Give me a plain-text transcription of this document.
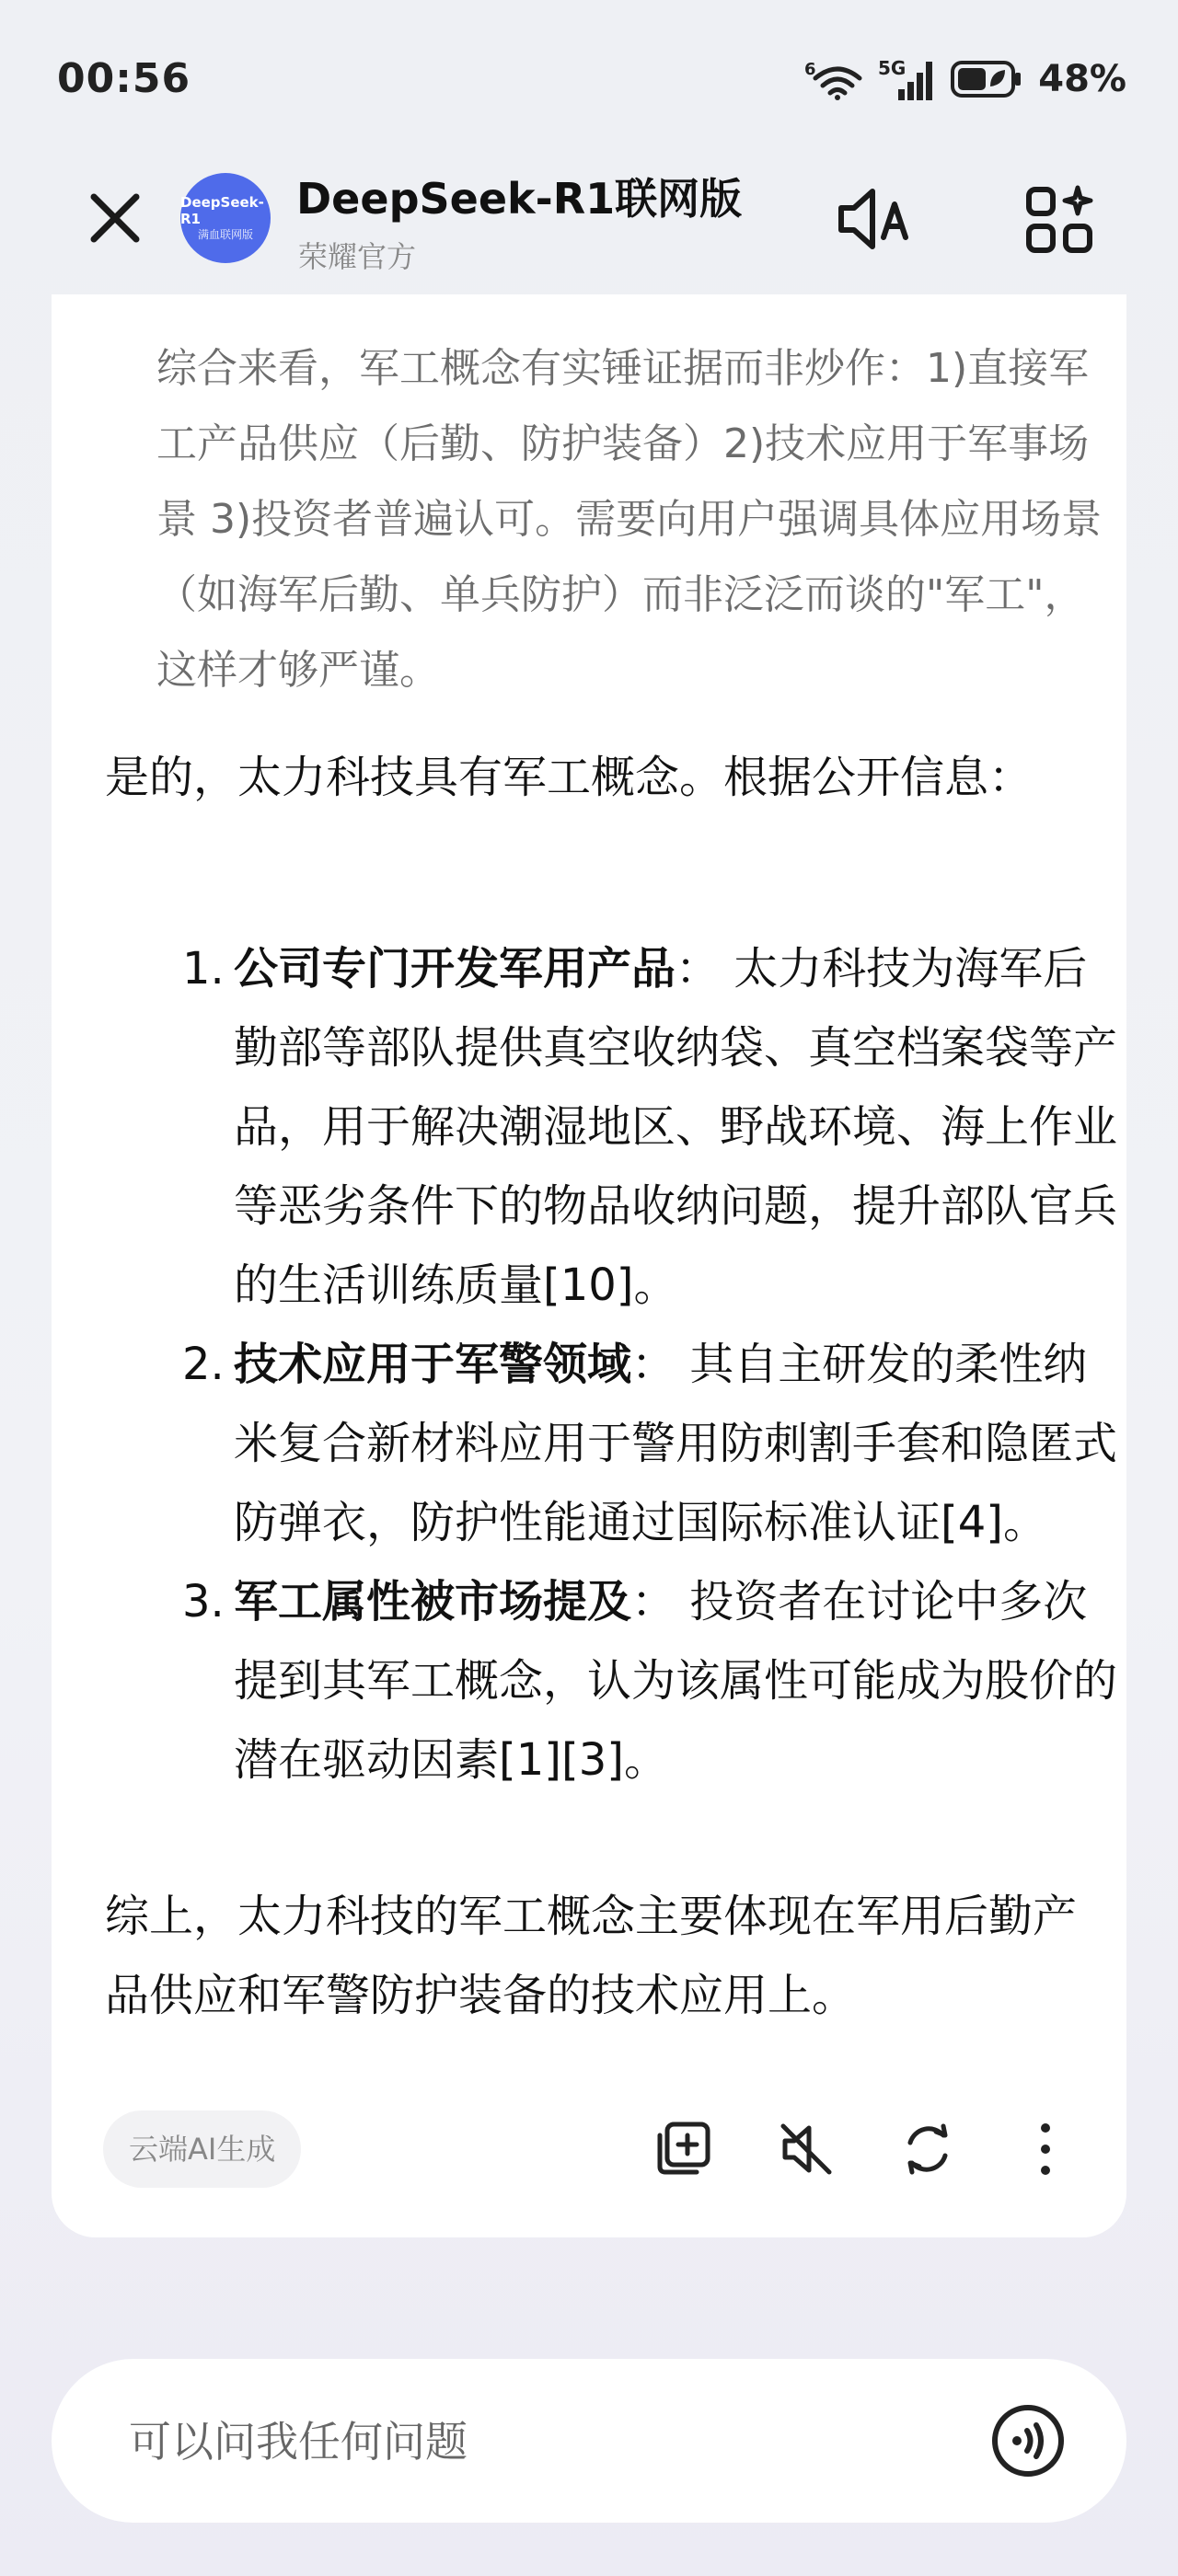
00:56	6	5G	48%
DeepSeek-R1
满血联网版
DeepSeek-R1联网版
荣耀官方
综合来看，军工概念有实锤证据而非炒作：1)直接军工产品供应（后勤、防护装备）2)技术应用于军事场景 3)投资者普遍认可。需要向用户强调具体应用场景（如海军后勤、单兵防护）而非泛泛而谈的"军工"，这样才够严谨。

是的，太力科技具有军工概念。根据公开信息：

1. 公司专门开发军用产品： 太力科技为海军后勤部等部队提供真空收纳袋、真空档案袋等产品，用于解决潮湿地区、野战环境、海上作业等恶劣条件下的物品收纳问题，提升部队官兵的生活训练质量[10]。
2. 技术应用于军警领域： 其自主研发的柔性纳米复合新材料应用于警用防刺割手套和隐匿式防弹衣，防护性能通过国际标准认证[4]。
3. 军工属性被市场提及： 投资者在讨论中多次提到其军工概念，认为该属性可能成为股价的潜在驱动因素[1][3]。
综上，太力科技的军工概念主要体现在军用后勤产品供应和军警防护装备的技术应用上。
云端AI生成
可以问我任何问题
